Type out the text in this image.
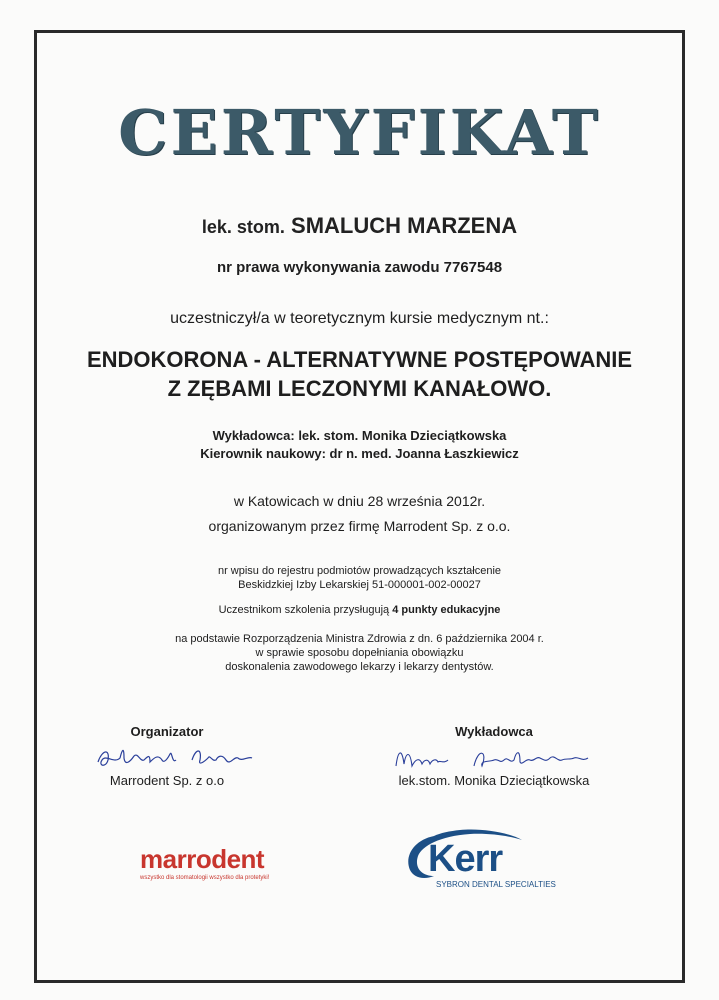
CERTYFIKAT
lek. stom. SMALUCH MARZENA
nr prawa wykonywania zawodu 7767548
uczestniczył/a w teoretycznym kursie medycznym nt.:
ENDOKORONA - ALTERNATYWNE POSTĘPOWANIE
Z ZĘBAMI LECZONYMI KANAŁOWO.
Wykładowca: lek. stom. Monika Dzieciątkowska
Kierownik naukowy: dr n. med. Joanna Łaszkiewicz
w Katowicach w dniu 28 września 2012r.
organizowanym przez firmę Marrodent Sp. z o.o.
nr wpisu do rejestru podmiotów prowadzących kształcenie
Beskidzkiej Izby Lekarskiej 51-000001-002-00027
Uczestnikom szkolenia przysługują 4 punkty edukacyjne
na podstawie Rozporządzenia Ministra Zdrowia z dn. 6 października 2004 r.
w sprawie sposobu dopełniania obowiązku
doskonalenia zawodowego lekarzy i lekarzy dentystów.
Organizator
Marrodent Sp. z o.o
Wykładowca
lek.stom. Monika Dzieciątkowska
marrodent
wszystko dla stomatologii wszystko dla protetyki!	Kerr
SYBRON DENTAL SPECIALTIES
